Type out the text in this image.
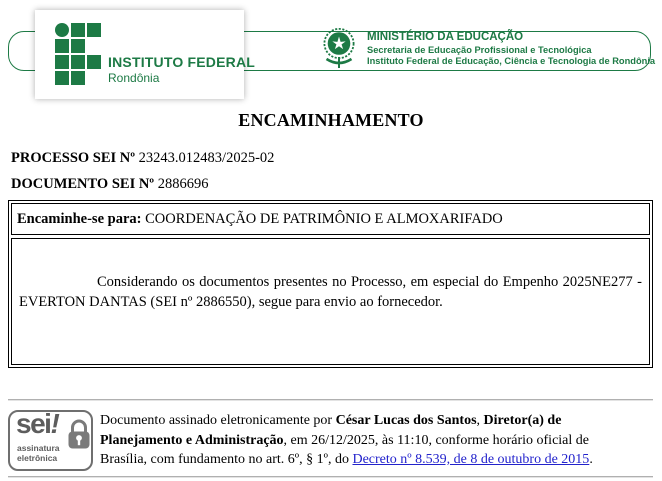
INSTITUTO FEDERAL
Rondônia
MINISTÉRIO DA EDUCAÇÃO
Secretaria de Educação Profissional e Tecnológica
Instituto Federal de Educação, Ciência e Tecnologia de Rondônia
ENCAMINHAMENTO
PROCESSO SEI Nº 23243.012483/2025-02
DOCUMENTO SEI Nº 2886696
Encaminhe-se para: COORDENAÇÃO DE PATRIMÔNIO E ALMOXARIFADO

Considerando os documentos presentes no Processo, em especial do Empenho 2025NE277 - EVERTON DANTAS (SEI nº 2886550), segue para envio ao fornecedor.

sei!
assinatura
eletrônica

Documento assinado eletronicamente por César Lucas dos Santos, Diretor(a) de Planejamento e Administração, em 26/12/2025, às 11:10, conforme horário oficial de Brasília, com fundamento no art. 6º, § 1º, do Decreto nº 8.539, de 8 de outubro de 2015.
